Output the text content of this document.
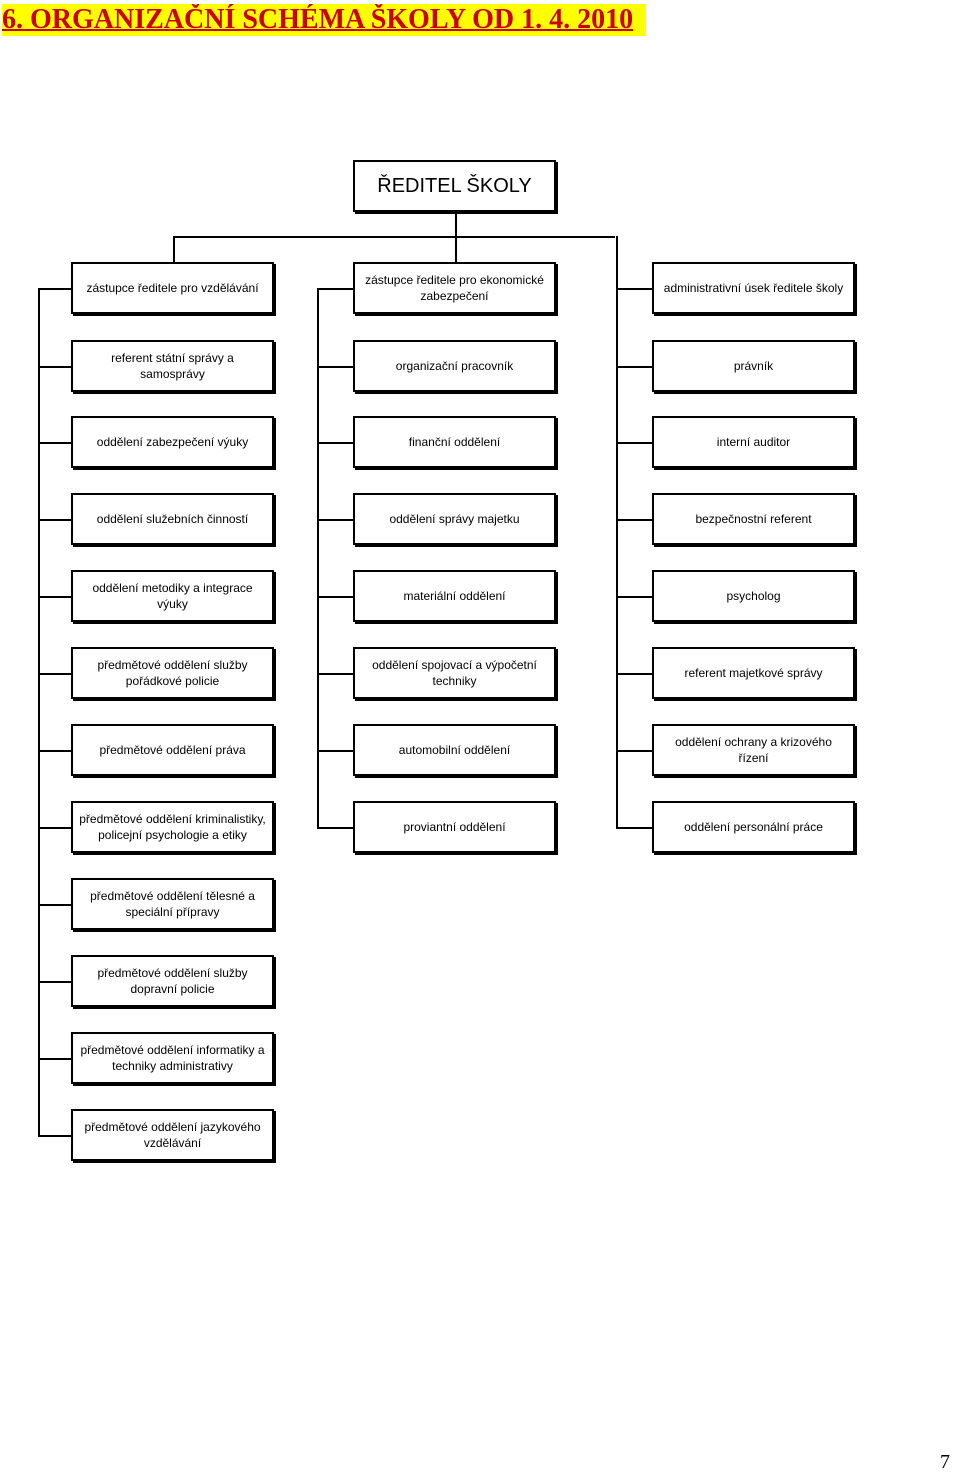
6. ORGANIZAČNÍ SCHÉMA ŠKOLY OD 1. 4. 2010
ŘEDITEL ŠKOLY
zástupce ředitele pro vzdělávání
referent státní správy a samosprávy
oddělení zabezpečení výuky
oddělení služebních činností
oddělení metodiky a integrace výuky
předmětové oddělení služby pořádkové policie
předmětové oddělení práva
předmětové oddělení kriminalistiky, policejní psychologie a etiky
předmětové oddělení tělesné a speciální přípravy
předmětové oddělení služby dopravní policie
předmětové oddělení informatiky a techniky administrativy
předmětové oddělení jazykového vzdělávání
zástupce ředitele pro ekonomické zabezpečení
organizační pracovník
finanční oddělení
oddělení správy majetku
materiální oddělení
oddělení spojovací a výpočetní techniky
automobilní oddělení
proviantní oddělení
administrativní úsek ředitele školy
právník
interní auditor
bezpečnostní referent
psycholog
referent majetkové správy
oddělení ochrany a krizového řízení
oddělení personální práce
7
